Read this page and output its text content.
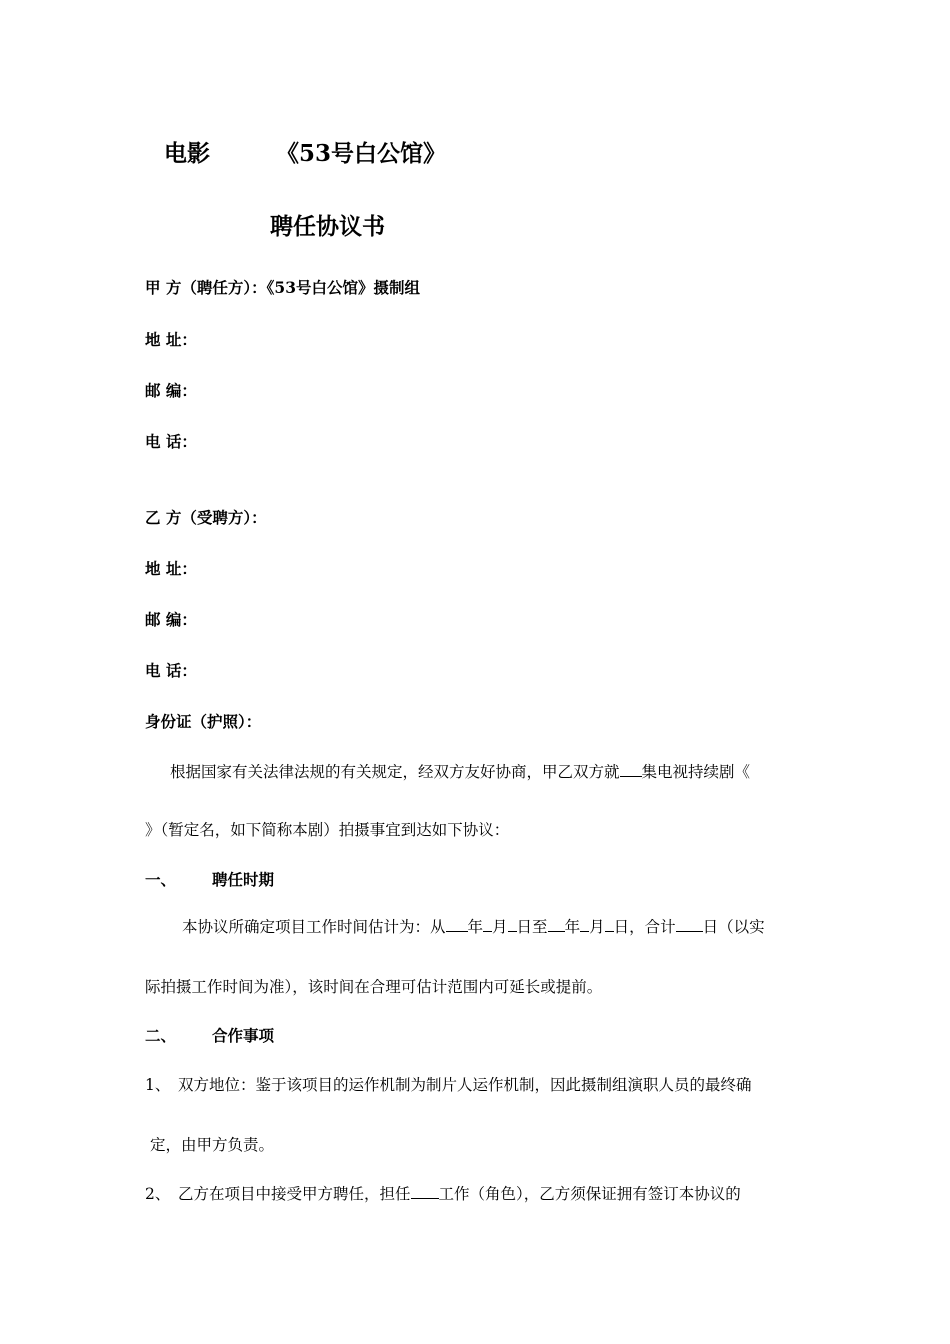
电影	《53号白公馆》
聘任协议书
甲 方（聘任方）：《53号白公馆》摄制组
地 址：
邮 编：
电 话：
乙 方（受聘方）：
地 址：
邮 编：
电 话：
身份证（护照）：
根据国家有关法律法规的有关规定，经双方友好协商，甲乙双方就 集电视持续剧《
》（暂定名，如下简称本剧）拍摄事宜到达如下协议：
一、 聘任时期
本协议所确定项目工作时间估计为：从 年 月 日至 年 月 日，合计 日（以实
际拍摄工作时间为准），该时间在合理可估计范围内可延长或提前。
二、 合作事项
1、 双方地位：鉴于该项目的运作机制为制片人运作机制，因此摄制组演职人员的最终确
定，由甲方负责。
2、 乙方在项目中接受甲方聘任，担任 工作（角色），乙方须保证拥有签订本协议的
